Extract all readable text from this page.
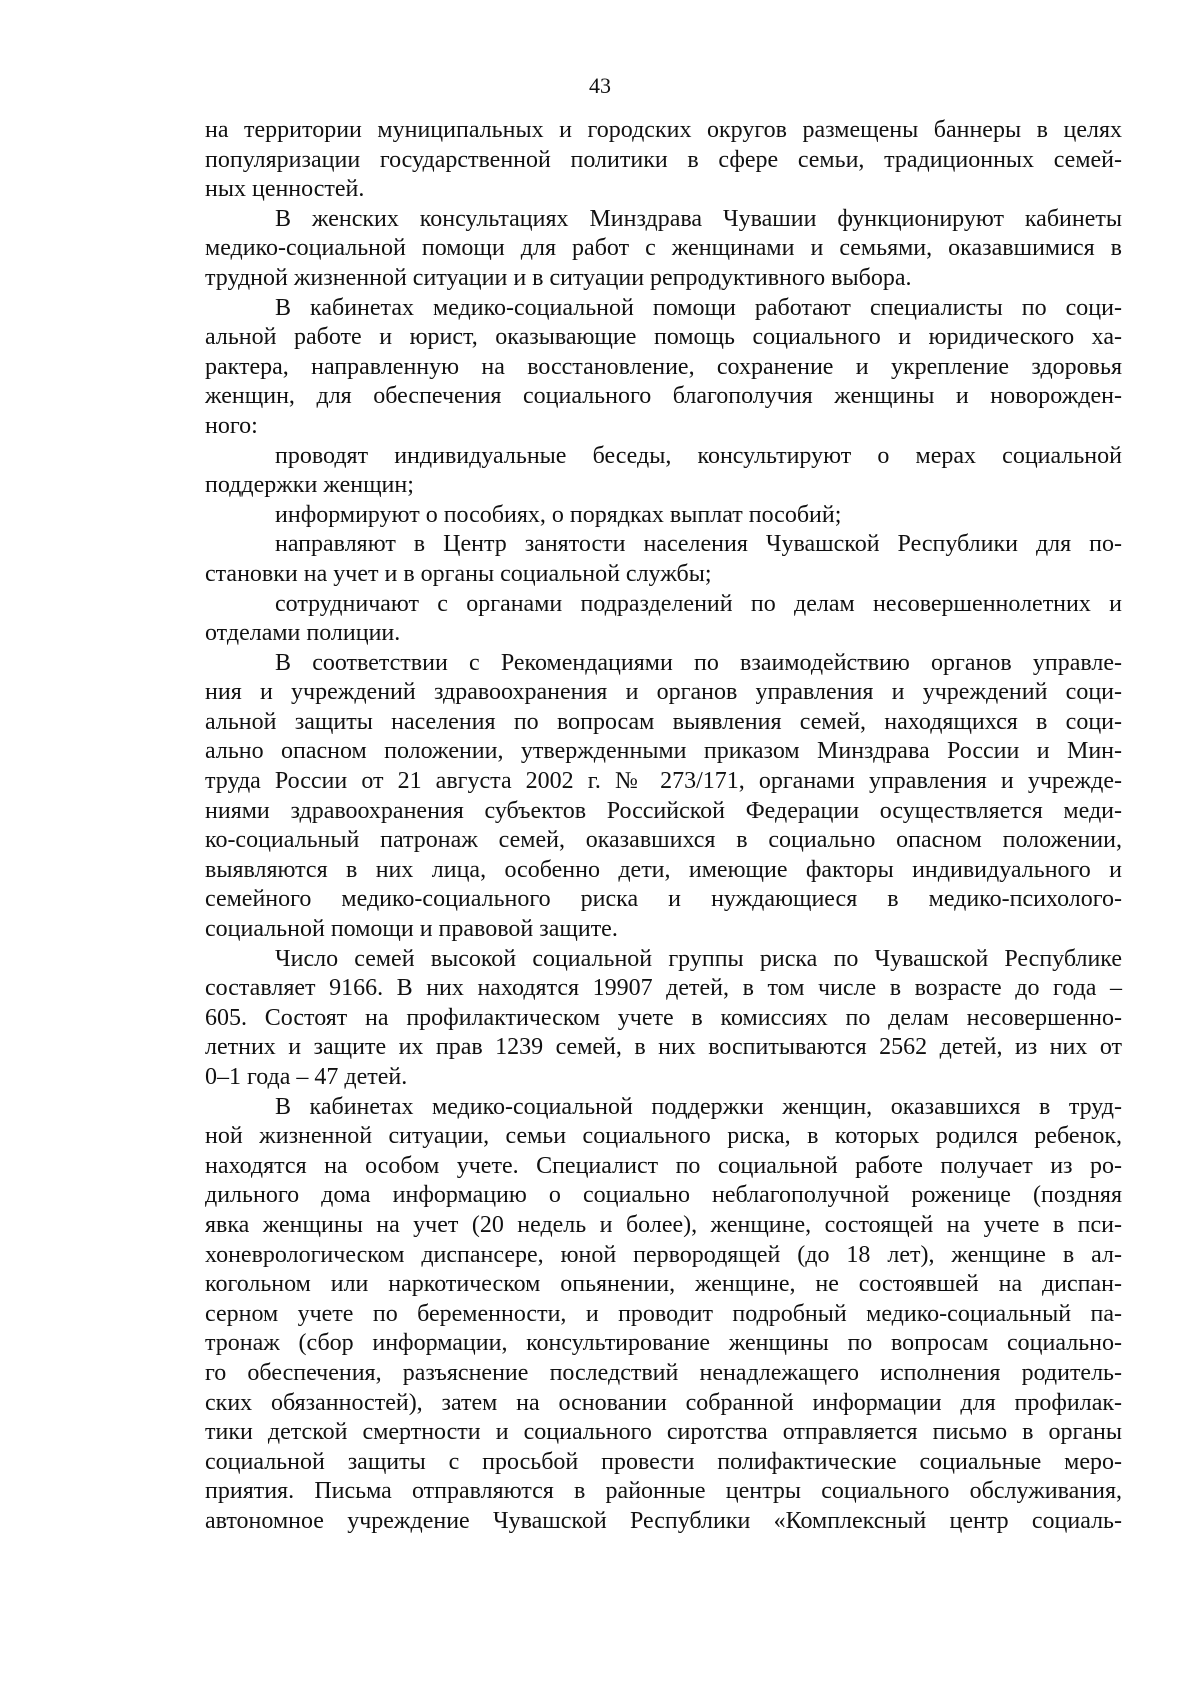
43
на территории муниципальных и городских округов размещены баннеры в целях
популяризации государственной политики в сфере семьи, традиционных семей-
ных ценностей.
В женских консультациях Минздрава Чувашии функционируют кабинеты
медико-социальной помощи для работ с женщинами и семьями, оказавшимися в
трудной жизненной ситуации и в ситуации репродуктивного выбора.
В кабинетах медико-социальной помощи работают специалисты по соци-
альной работе и юрист, оказывающие помощь социального и юридического ха-
рактера, направленную на восстановление, сохранение и укрепление здоровья
женщин, для обеспечения социального благополучия женщины и новорожден-
ного:
проводят индивидуальные беседы, консультируют о мерах социальной
поддержки женщин;
информируют о пособиях, о порядках выплат пособий;
направляют в Центр занятости населения Чувашской Республики для по-
становки на учет и в органы социальной службы;
сотрудничают с органами подразделений по делам несовершеннолетних и
отделами полиции.
В соответствии с Рекомендациями по взаимодействию органов управле-
ния и учреждений здравоохранения и органов управления и учреждений соци-
альной защиты населения по вопросам выявления семей, находящихся в соци-
ально опасном положении, утвержденными приказом Минздрава России и Мин-
труда России от 21 августа 2002 г. № 273/171, органами управления и учрежде-
ниями здравоохранения субъектов Российской Федерации осуществляется меди-
ко-социальный патронаж семей, оказавшихся в социально опасном положении,
выявляются в них лица, особенно дети, имеющие факторы индивидуального и
семейного медико-социального риска и нуждающиеся в медико-психолого-
социальной помощи и правовой защите.
Число семей высокой социальной группы риска по Чувашской Республике
составляет 9166. В них находятся 19907 детей, в том числе в возрасте до года –
605. Состоят на профилактическом учете в комиссиях по делам несовершенно-
летних и защите их прав 1239 семей, в них воспитываются 2562 детей, из них от
0–1 года – 47 детей.
В кабинетах медико-социальной поддержки женщин, оказавшихся в труд-
ной жизненной ситуации, семьи социального риска, в которых родился ребенок,
находятся на особом учете. Специалист по социальной работе получает из ро-
дильного дома информацию о социально неблагополучной роженице (поздняя
явка женщины на учет (20 недель и более), женщине, состоящей на учете в пси-
хоневрологическом диспансере, юной первородящей (до 18 лет), женщине в ал-
когольном или наркотическом опьянении, женщине, не состоявшей на диспан-
серном учете по беременности, и проводит подробный медико-социальный па-
тронаж (сбор информации, консультирование женщины по вопросам социально-
го обеспечения, разъяснение последствий ненадлежащего исполнения родитель-
ских обязанностей), затем на основании собранной информации для профилак-
тики детской смертности и социального сиротства отправляется письмо в органы
социальной защиты с просьбой провести полифактические социальные меро-
приятия. Письма отправляются в районные центры социального обслуживания,
автономное учреждение Чувашской Республики «Комплексный центр социаль-
